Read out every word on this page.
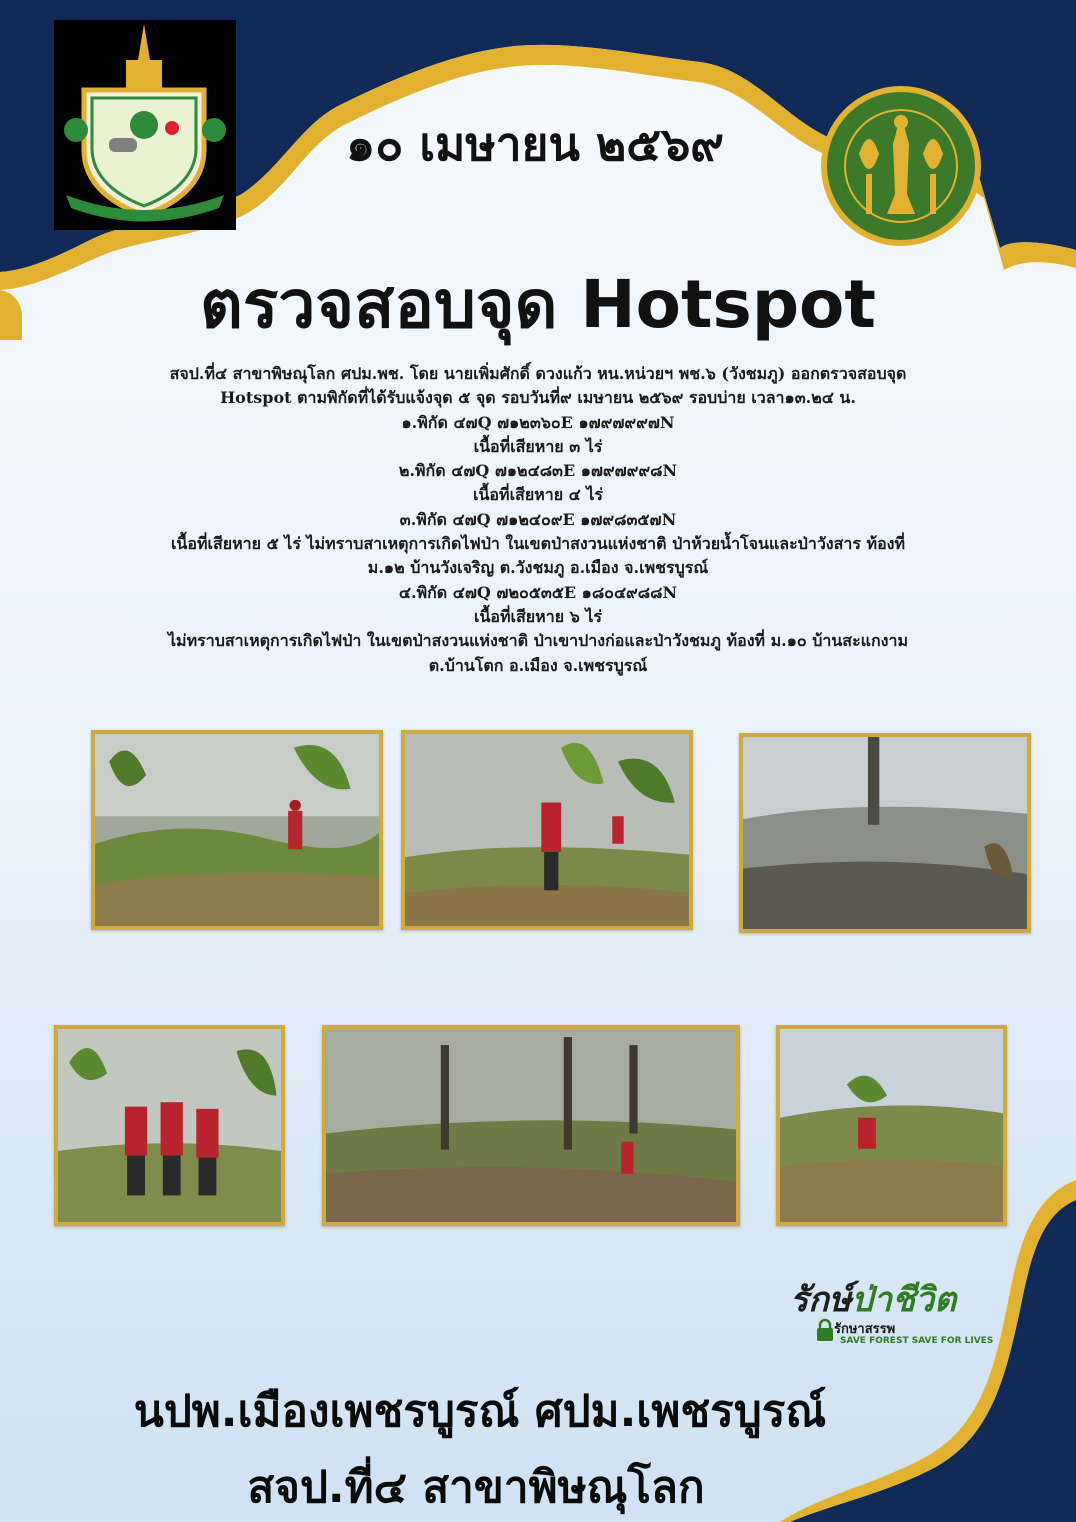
๑๐ เมษายน ๒๕๖๙
ตรวจสอบจุด Hotspot
สจป.ที่๔ สาขาพิษณุโลก ศปม.พช. โดย นายเพิ่มศักดิ์ ดวงแก้ว หน.หน่วยฯ พช.๖ (วังชมภู) ออกตรวจสอบจุด
Hotspot ตามพิกัดที่ได้รับแจ้งจุด ๕ จุด รอบวันที่๙ เมษายน ๒๕๖๙ รอบบ่าย เวลา๑๓.๒๔ น.
๑.พิกัด ๔๗Q ๗๑๒๓๖๐E ๑๗๙๗๙๙๗N
เนื้อที่เสียหาย ๓ ไร่
๒.พิกัด ๔๗Q ๗๑๒๔๘๓E ๑๗๙๗๙๙๘N
เนื้อที่เสียหาย ๔ ไร่
๓.พิกัด ๔๗Q ๗๑๒๔๐๙E ๑๗๙๘๓๕๗N
เนื้อที่เสียหาย ๕ ไร่ ไม่ทราบสาเหตุการเกิดไฟป่า ในเขตป่าสงวนแห่งชาติ ป่าห้วยน้ำโจนและป่าวังสาร ท้องที่
ม.๑๒ บ้านวังเจริญ ต.วังชมภู อ.เมือง จ.เพชรบูรณ์
๔.พิกัด ๔๗Q ๗๒๐๕๓๕E ๑๘๐๔๙๘๘N
เนื้อที่เสียหาย ๖ ไร่
ไม่ทราบสาเหตุการเกิดไฟป่า ในเขตป่าสงวนแห่งชาติ ป่าเขาปางก่อและป่าวังชมภู ท้องที่ ม.๑๐ บ้านสะแกงาม
ต.บ้านโตก อ.เมือง จ.เพชรบูรณ์
รักษ์ป่าชีวิต
รักษาสรรพ
SAVE FOREST SAVE FOR LIVES
นปพ.เมืองเพชรบูรณ์ ศปม.เพชรบูรณ์
สจป.ที่๔ สาขาพิษณุโลก
